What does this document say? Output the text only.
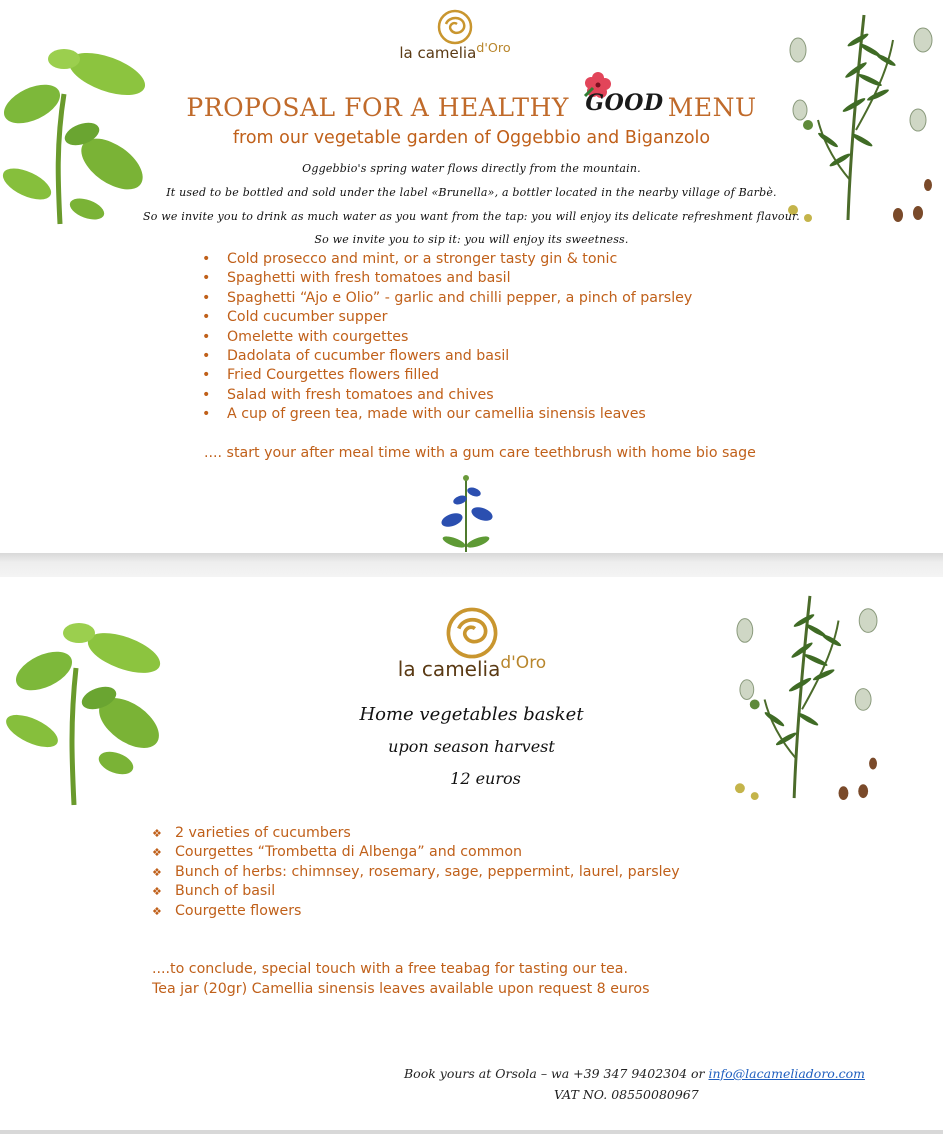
la camelia$^{d'Oro}$
PROPOSAL FOR A HEALTHY GOOD MENU
from our vegetable garden of Oggebbio and Biganzolo
Oggebbio's spring water flows directly from the mountain.
It used to be bottled and sold under the label «Brunella», a bottler located in the nearby village of Barbè.
So we invite you to drink as much water as you want from the tap: you will enjoy its delicate refreshment flavour.
So we invite you to sip it: you will enjoy its sweetness.
• Cold prosecco and mint, or a stronger tasty gin & tonic
• Spaghetti with fresh tomatoes and basil
• Spaghetti “Ajo e Olio” - garlic and chilli pepper, a pinch of parsley
• Cold cucumber supper
• Omelette with courgettes
• Dadolata of cucumber flowers and basil
• Fried Courgettes flowers filled
• Salad with fresh tomatoes and chives
• A cup of green tea, made with our camellia sinensis leaves
.... start your after meal time with a gum care teethbrush with home bio sage
la camelia$^{d'Oro}$
Home vegetables basket
upon season harvest
12 euros
❖ 2 varieties of cucumbers
❖ Courgettes “Trombetta di Albenga” and common
❖ Bunch of herbs: chimnsey, rosemary, sage, peppermint, laurel, parsley
❖ Bunch of basil
❖ Courgette flowers
....to conclude, special touch with a free teabag for tasting our tea.
Tea jar (20gr) Camellia sinensis leaves available upon request 8 euros
Book yours at Orsola – wa +39 347 9402304 or info@lacameliadoro.com
VAT NO. 08550080967
